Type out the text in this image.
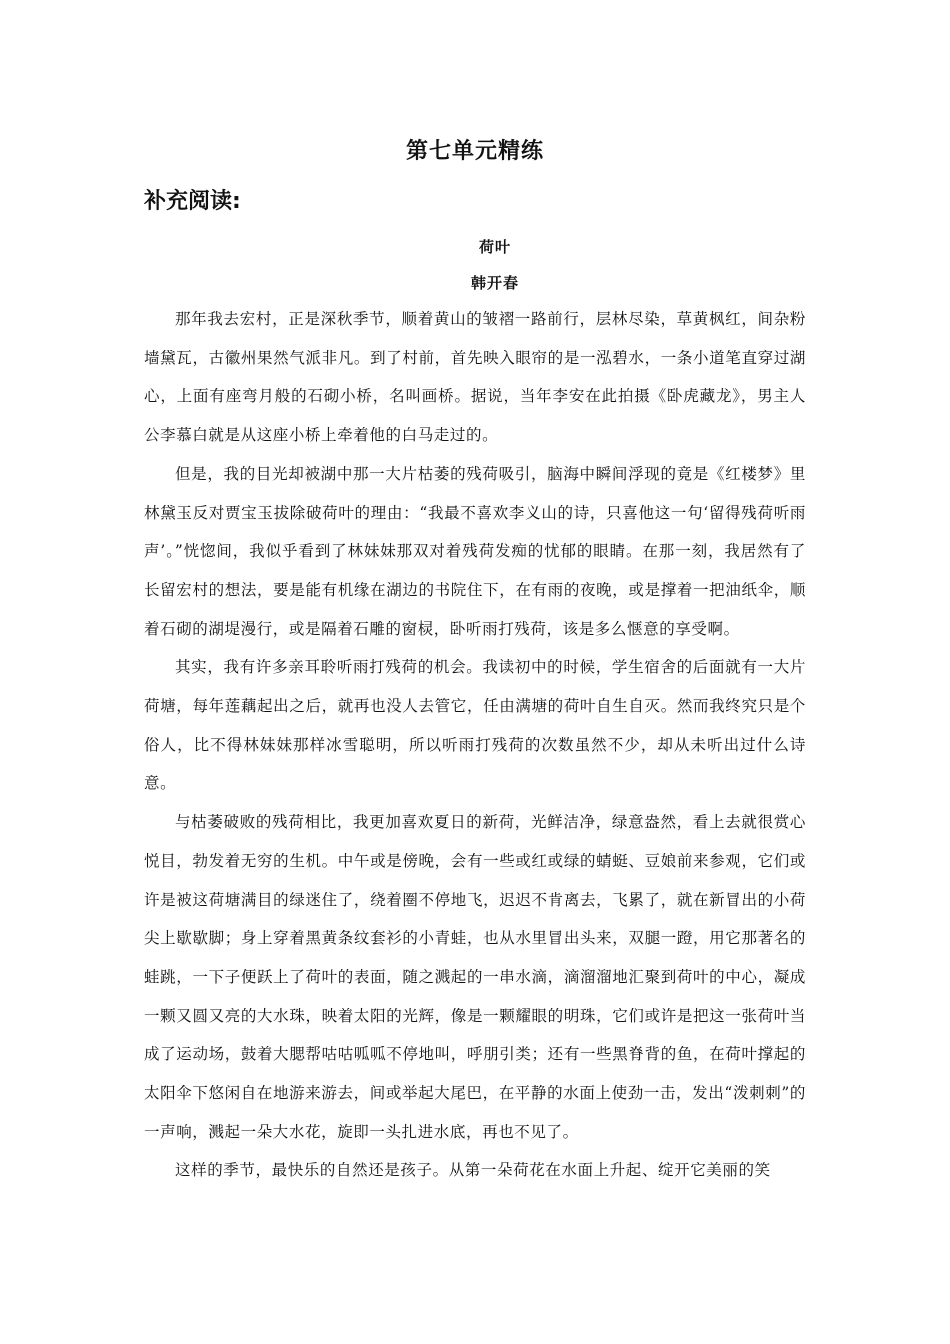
第七单元精练
补充阅读:
荷叶
韩开春

那年我去宏村，正是深秋季节，顺着黄山的皱褶一路前行，层林尽染，草黄枫红，间杂粉墙黛瓦，古徽州果然气派非凡。到了村前，首先映入眼帘的是一泓碧水，一条小道笔直穿过湖心，上面有座弯月般的石砌小桥，名叫画桥。据说，当年李安在此拍摄《卧虎藏龙》，男主人公李慕白就是从这座小桥上牵着他的白马走过的。

但是，我的目光却被湖中那一大片枯萎的残荷吸引，脑海中瞬间浮现的竟是《红楼梦》里林黛玉反对贾宝玉拔除破荷叶的理由：“我最不喜欢李义山的诗，只喜他这一句‘留得残荷听雨声’。”恍惚间，我似乎看到了林妹妹那双对着残荷发痴的忧郁的眼睛。在那一刻，我居然有了长留宏村的想法，要是能有机缘在湖边的书院住下，在有雨的夜晚，或是撑着一把油纸伞，顺着石砌的湖堤漫行，或是隔着石雕的窗棂，卧听雨打残荷，该是多么惬意的享受啊。

其实，我有许多亲耳聆听雨打残荷的机会。我读初中的时候，学生宿舍的后面就有一大片荷塘，每年莲藕起出之后，就再也没人去管它，任由满塘的荷叶自生自灭。然而我终究只是个俗人，比不得林妹妹那样冰雪聪明，所以听雨打残荷的次数虽然不少，却从未听出过什么诗意。

与枯萎破败的残荷相比，我更加喜欢夏日的新荷，光鲜洁净，绿意盎然，看上去就很赏心悦目，勃发着无穷的生机。中午或是傍晚，会有一些或红或绿的蜻蜓、豆娘前来参观，它们或许是被这荷塘满目的绿迷住了，绕着圈不停地飞，迟迟不肯离去，飞累了，就在新冒出的小荷尖上歇歇脚；身上穿着黑黄条纹套衫的小青蛙，也从水里冒出头来，双腿一蹬，用它那著名的蛙跳，一下子便跃上了荷叶的表面，随之溅起的一串水滴，滴溜溜地汇聚到荷叶的中心，凝成一颗又圆又亮的大水珠，映着太阳的光辉，像是一颗耀眼的明珠，它们或许是把这一张荷叶当成了运动场，鼓着大腮帮咕咕呱呱不停地叫，呼朋引类；还有一些黑脊背的鱼，在荷叶撑起的太阳伞下悠闲自在地游来游去，间或举起大尾巴，在平静的水面上使劲一击，发出“泼刺刺”的一声响，溅起一朵大水花，旋即一头扎进水底，再也不见了。

这样的季节，最快乐的自然还是孩子。从第一朵荷花在水面上升起、绽开它美丽的笑
